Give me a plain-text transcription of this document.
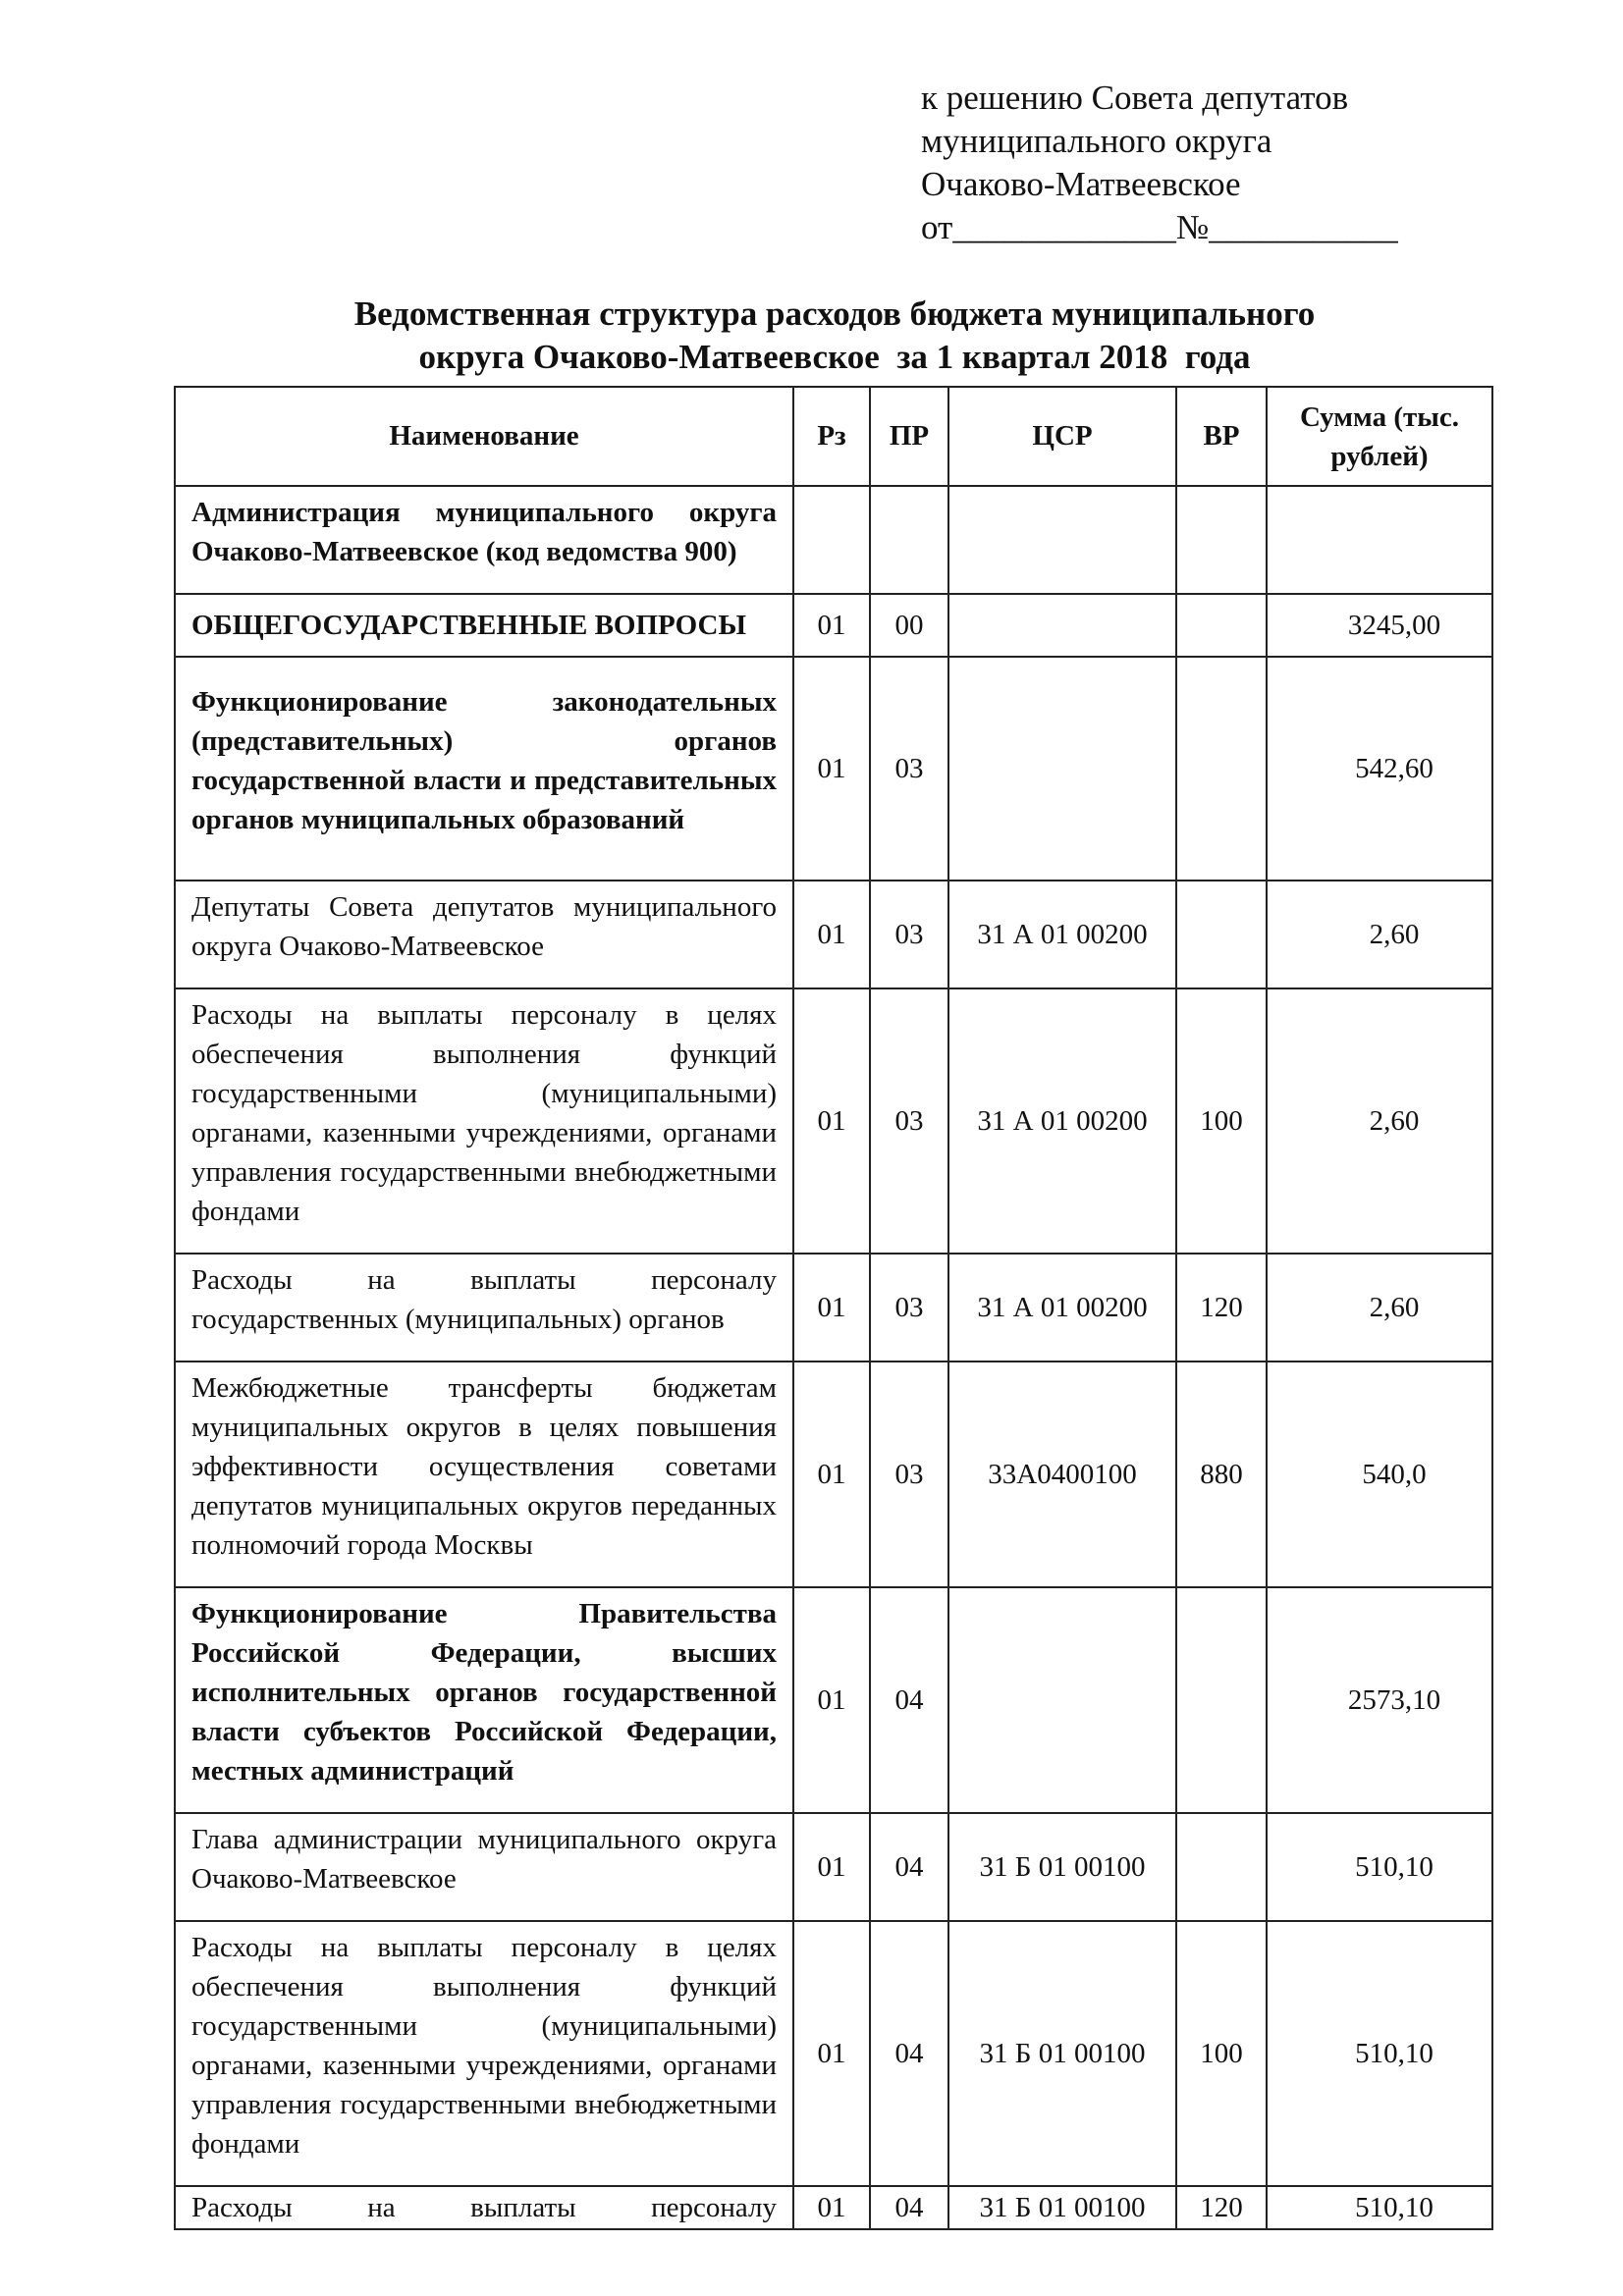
к решению Совета депутатов
муниципального округа
Очаково-Матвеевское
от_____________№___________
Ведомственная структура расходов бюджета муниципального
округа Очаково-Матвеевское  за 1 квартал 2018  года
Наименование	Рз	ПР	ЦСР	ВР	Сумма (тыс. рублей)
Администрация муниципального округа Очаково-Матвеевское (код ведомства 900)					
ОБЩЕГОСУДАРСТВЕННЫЕ ВОПРОСЫ	01	00			3245,00
Функционирование законодательных (представительных) органов государственной власти и представительных органов муниципальных образований	01	03			542,60
Депутаты Совета депутатов муниципального округа Очаково-Матвеевское	01	03	31 А 01 00200		2,60
Расходы на выплаты персоналу в целях обеспечения выполнения функций государственными (муниципальными) органами, казенными учреждениями, органами управления государственными внебюджетными фондами	01	03	31 А 01 00200	100	2,60
Расходы на выплаты персоналу государственных (муниципальных) органов	01	03	31 А 01 00200	120	2,60
Межбюджетные трансферты бюджетам муниципальных округов в целях повышения эффективности осуществления советами депутатов муниципальных округов переданных полномочий города Москвы	01	03	33А0400100	880	540,0
Функционирование Правительства Российской Федерации, высших исполнительных органов государственной власти субъектов Российской Федерации, местных администраций	01	04			2573,10
Глава администрации муниципального округа Очаково-Матвеевское	01	04	31 Б 01 00100		510,10
Расходы на выплаты персоналу в целях обеспечения выполнения функций государственными (муниципальными) органами, казенными учреждениями, органами управления государственными внебюджетными фондами	01	04	31 Б 01 00100	100	510,10
Расходы на выплаты персоналу	01	04	31 Б 01 00100	120	510,10
